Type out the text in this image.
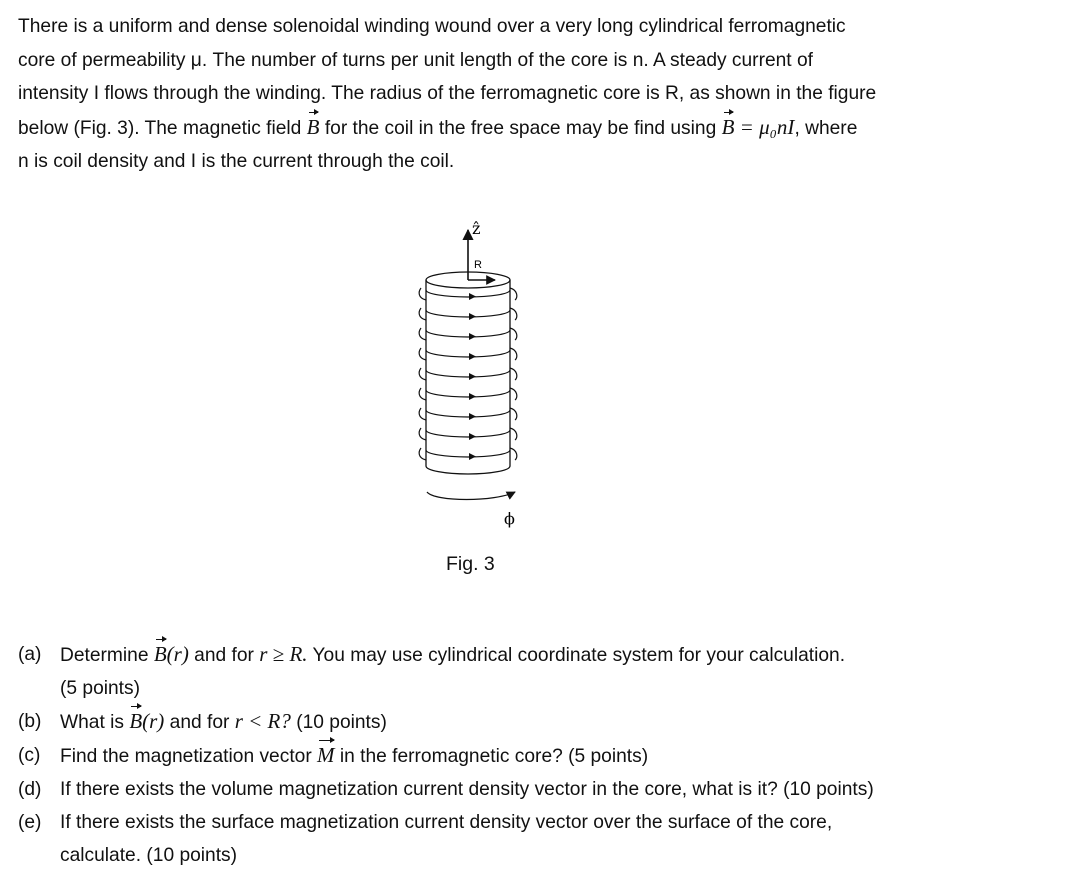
There is a uniform and dense solenoidal winding wound over a very long cylindrical ferromagnetic
core of permeability μ. The number of turns per unit length of the core is n. A steady current of
intensity I flows through the winding. The radius of the ferromagnetic core is R, as shown in the figure
below (Fig. 3). The magnetic field B for the coil in the free space may be find using B = μ₀nI, where
n is coil density and I is the current through the coil.
ẑ
R
ϕ
Fig. 3
(a) Determine B(r) and for r ≥ R. You may use cylindrical coordinate system for your calculation.
(5 points)
(b) What is B(r) and for r < R? (10 points)
(c) Find the magnetization vector M in the ferromagnetic core? (5 points)
(d) If there exists the volume magnetization current density vector in the core, what is it? (10 points)
(e) If there exists the surface magnetization current density vector over the surface of the core,
calculate. (10 points)
